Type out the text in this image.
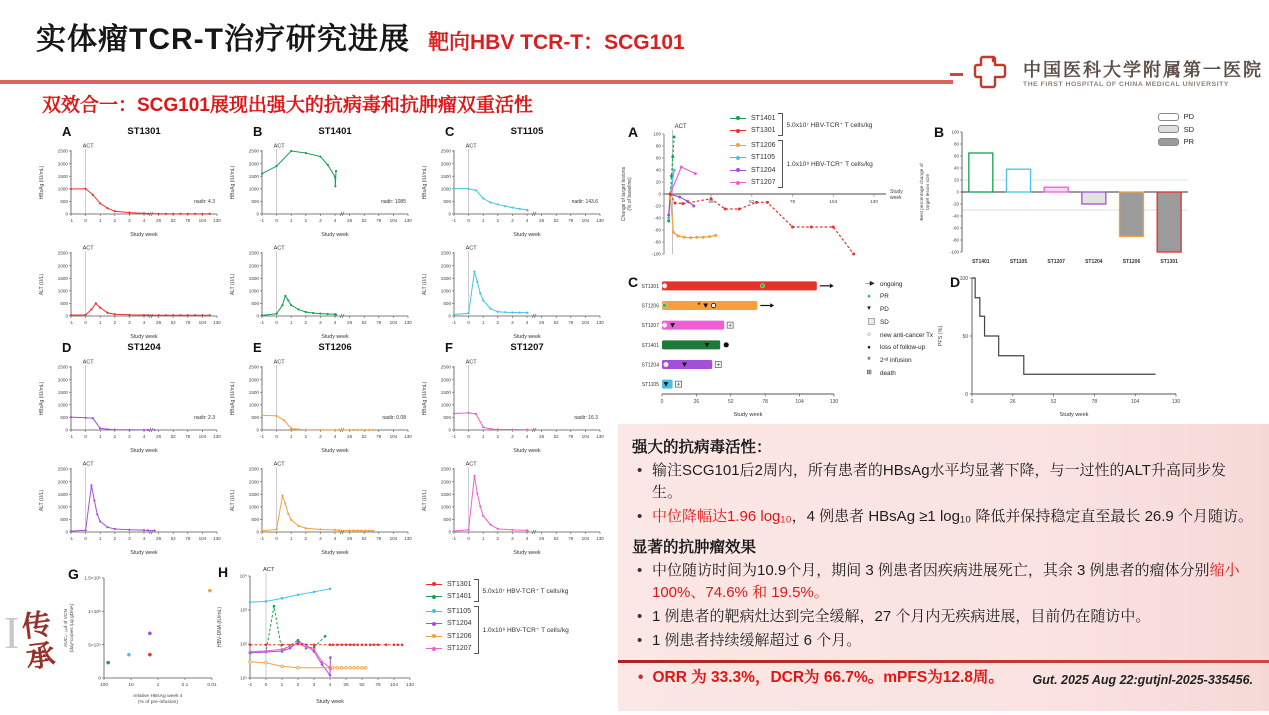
实体瘤TCR-T治疗研究进展 靶向HBV TCR-T：SCG101
中国医科大学附属第一医院
THE FIRST HOSPITAL OF CHINA MEDICAL UNIVERSITY
双效合一：SCG101展现出强大的抗病毒和抗肿瘤双重活性
A	ST1301
0
500
1000
1500
2000
2500
-1 0	1	2	3	4 26 52 78 104 130
Study week
HBsAg (IU/mL)
ACT
nadir: 4.3
0
500
1000
1500
2000
2500
-1 0	1	2	3	4 26 52 78 104 130
Study week
ALT (U/L)
ACT
B	ST1401
0
500
1000
1500
2000
2500
-1 0	1	2	3	4 26 52 78 104 130
Study week
HBsAg (IU/mL)
ACT
nadir: 1085
0
500
1000
1500
2000
2500
-1 0	1	2	3	4 26 52 78 104 130
Study week
ALT (U/L)
ACT
C	ST1105
0
500
1000
1500
2000
2500
-1 0	1	2	3	4 26 52 78 104 130
Study week
HBsAg (IU/mL)
ACT
nadir: 143.6
0
500
1000
1500
2000
2500
-1 0	1	2	3	4 26 52 78 104 130
Study week
ALT (U/L)
ACT
D	ST1204
0
500
1000
1500
2000
2500
-1 0	1	2	3	4 26 52 78 104 130
Study week
HBsAg (IU/mL)
ACT
nadir: 2.3
0
500
1000
1500
2000
2500
-1 0	1	2	3	4 26 52 78 104 130
Study week
ALT (U/L)
ACT
E	ST1206
0
500
1000
1500
2000
2500
-1 0	1	2	3	4 26 52 78 104 130
Study week
HBsAg (IU/mL)
ACT
nadir: 0.08
0
500
1000
1500
2000
2500
-1 0	1	2	3	4 26 52 78 104 130
Study week
ALT (U/L)
ACT
F	ST1207
0
500
1000
1500
2000
2500
-1 0	1	2	3	4 26 52 78 104 130
Study week
HBsAg (IU/mL)
ACT
nadir: 16.3
0
500
1000
1500
2000
2500
-1 0	1	2	3	4 26 52 78 104 130
Study week
ALT (U/L)
ACT
G
0
5×10⁵
1×10⁶
1.5×10⁶
100	10	1	0.1	0.01
relative HBsAg week 4
(% of pre-infusion)
AUC₀₋₂₈d of VCN (day*copies /μg gDNA)
H
10¹
10²
10³
10⁴
-1	0	1	2	3	4 26 52 78 104 130
Study week
HBV-DNA (IU/mL)
ACT
ST1301
ST1401
5.0x10⁷ HBV-TCR⁺ T cells/kg
ST1105
ST1204
ST1206
ST1207
1.0x10⁸ HBV-TCR⁺ T cells/kg
A
ST1401
ST1301
5.0x10⁷ HBV-TCR⁺ T cells/kg
ST1206
ST1105
ST1204
ST1207
1.0x10⁸ HBV-TCR⁺ T cells/kg
-100
-80
-60
-40
-20
0
20
40
60
80
100
26	52	78	104	130
Study
week
Change of target lesions (% of baseline)
ACT	B
PD
SD
PR
-100
-80
-60
-40
-20
0
20
40
60
80
100
ST1401	ST1105	ST1207	ST1204	ST1206	ST1301
Best percentage change of target lesion size
C
0	26	52	78	104	130
Study week
ST1301
ST1206	*
ST1207
ST1401
ST1204
ST1105
—▶	ongoing
●	PR
▼	PD
SD
○	new anti-cancer Tx
●	loss of follow-up
*	2ⁿᵈ infusion
⊞	death
D
0
50
100
0	26	52	78	104	130
Study week
PFS (%)
强大的抗病毒活性：
• 输注SCG101后2周内，所有患者的HBsAg水平均显著下降，与一过性的ALT升高同步发生。
• 中位降幅达1.96 log₁₀，4 例患者 HBsAg ≥1 log₁₀ 降低并保持稳定直至最长 26.9 个月随访。
显著的抗肿瘤效果
• 中位随访时间为10.9个月，期间 3 例患者因疾病进展死亡，其余 3 例患者的瘤体分别缩小 100%、74.6% 和 19.5%。
• 1 例患者的靶病灶达到完全缓解，27 个月内无疾病进展，目前仍在随访中。
• 1 例患者持续缓解超过 6 个月。
• ORR 为 33.3%，DCR为 66.7%。mPFS为12.8周。	Gut. 2025 Aug 22:gutjnl-2025-335456.
I
传承
